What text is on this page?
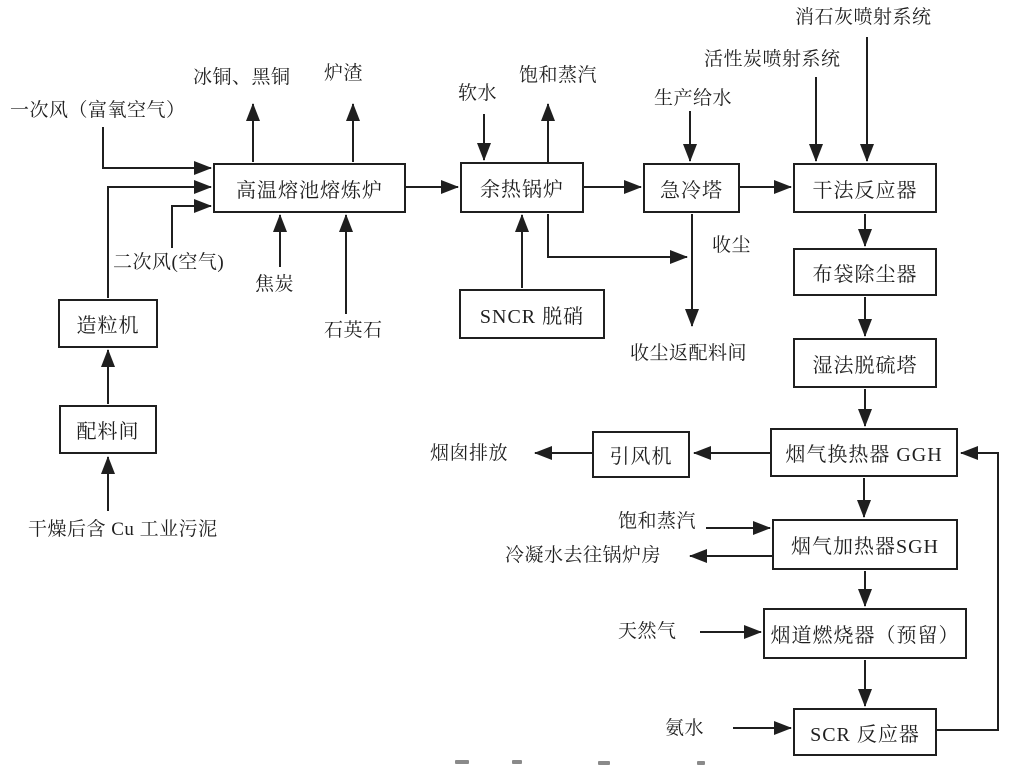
高温熔池熔炼炉	余热锅炉	急冷塔	干法反应器
造粒机
配料间
SNCR 脱硝
布袋除尘器
湿法脱硫塔
烟气换热器 GGH
引风机
烟气加热器SGH
烟道燃烧器（预留）
SCR 反应器
一次风（富氧空气）
冰铜、黑铜 炉渣
软水
饱和蒸汽
生产给水
活性炭喷射系统
消石灰喷射系统
二次风(空气)
焦炭
石英石
收尘
收尘返配料间
烟囱排放
干燥后含 Cu 工业污泥	饱和蒸汽
冷凝水去往锅炉房
天然气
氨水
